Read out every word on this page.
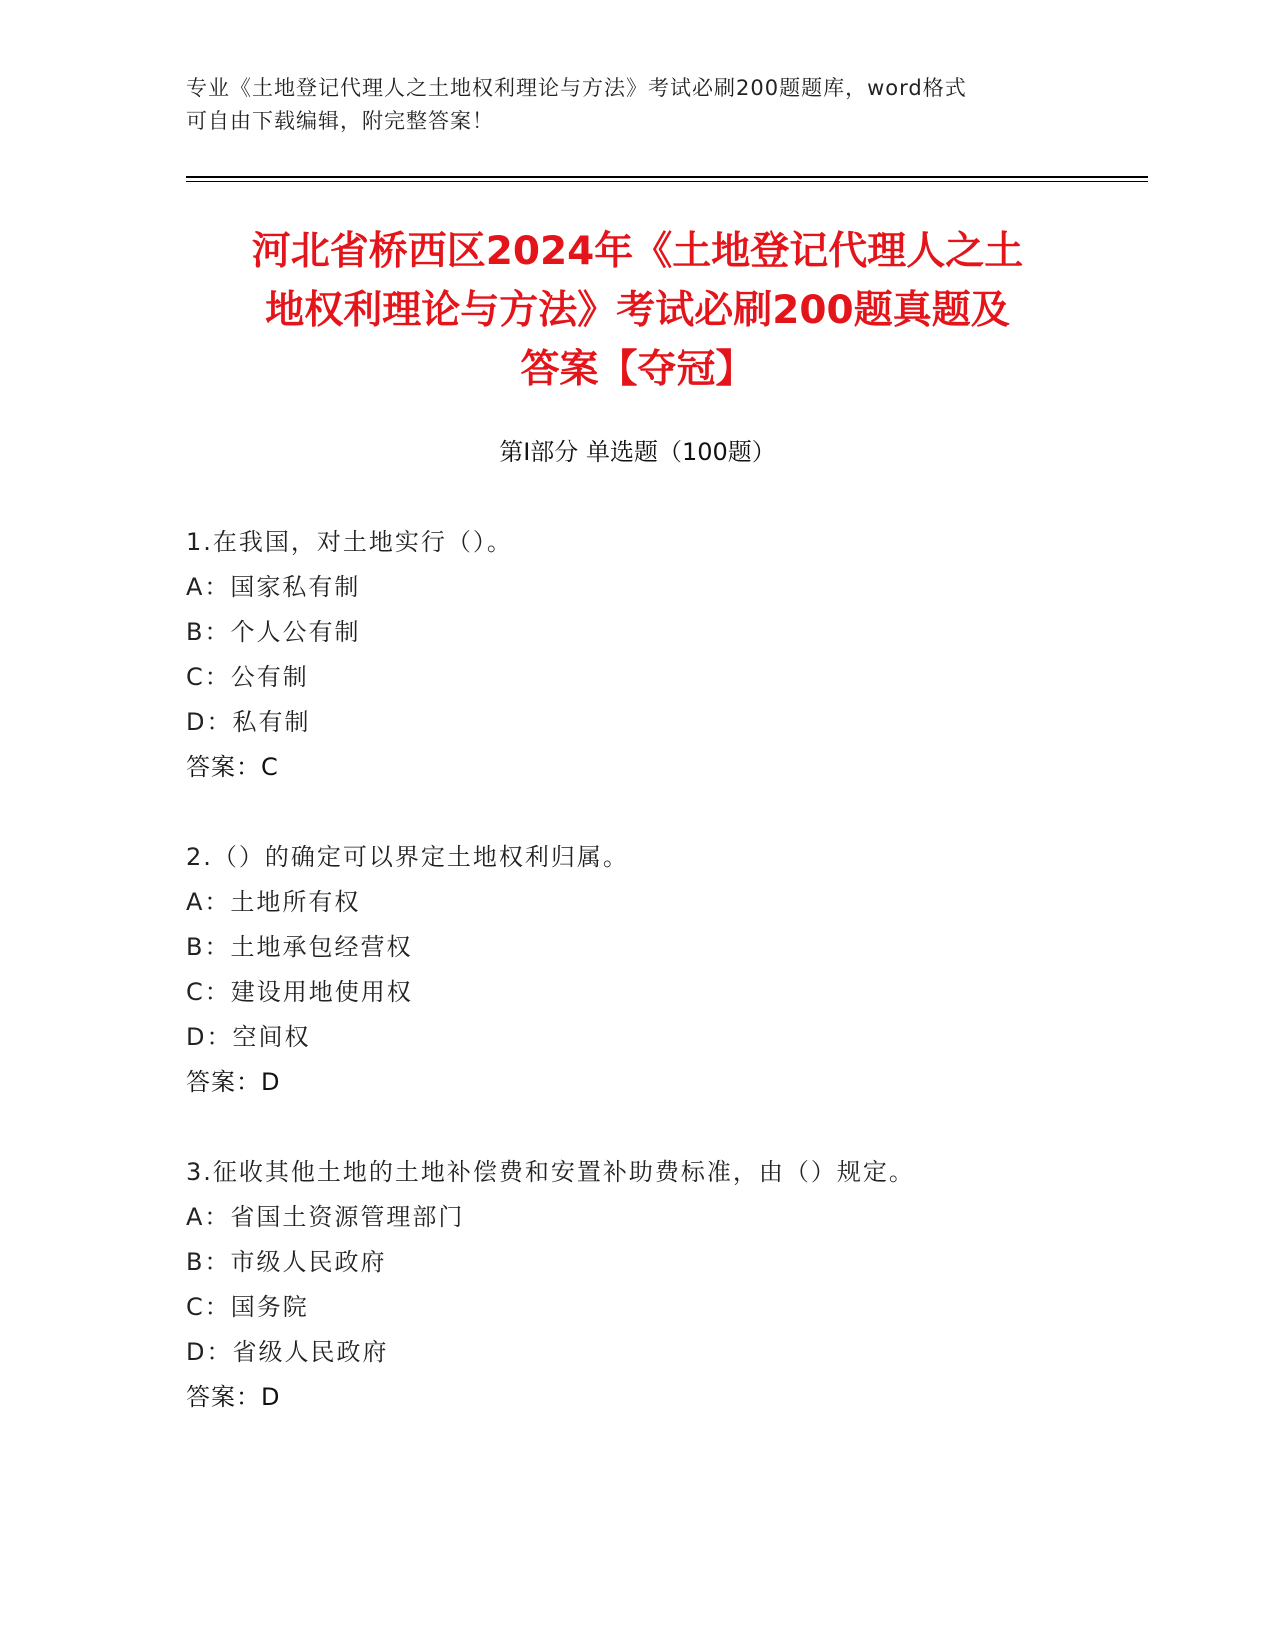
专业《土地登记代理人之土地权利理论与方法》考试必刷200题题库，word格式
可自由下载编辑，附完整答案！
河北省桥西区2024年《土地登记代理人之土
地权利理论与方法》考试必刷200题真题及
答案【夺冠】
第Ⅰ部分 单选题（100题）
1.在我国，对土地实行（）。
A：国家私有制
B：个人公有制
C：公有制
D：私有制
答案：C
2.（）的确定可以界定土地权利归属。
A：土地所有权
B：土地承包经营权
C：建设用地使用权
D：空间权
答案：D
3.征收其他土地的土地补偿费和安置补助费标准，由（）规定。
A：省国土资源管理部门
B：市级人民政府
C：国务院
D：省级人民政府
答案：D
